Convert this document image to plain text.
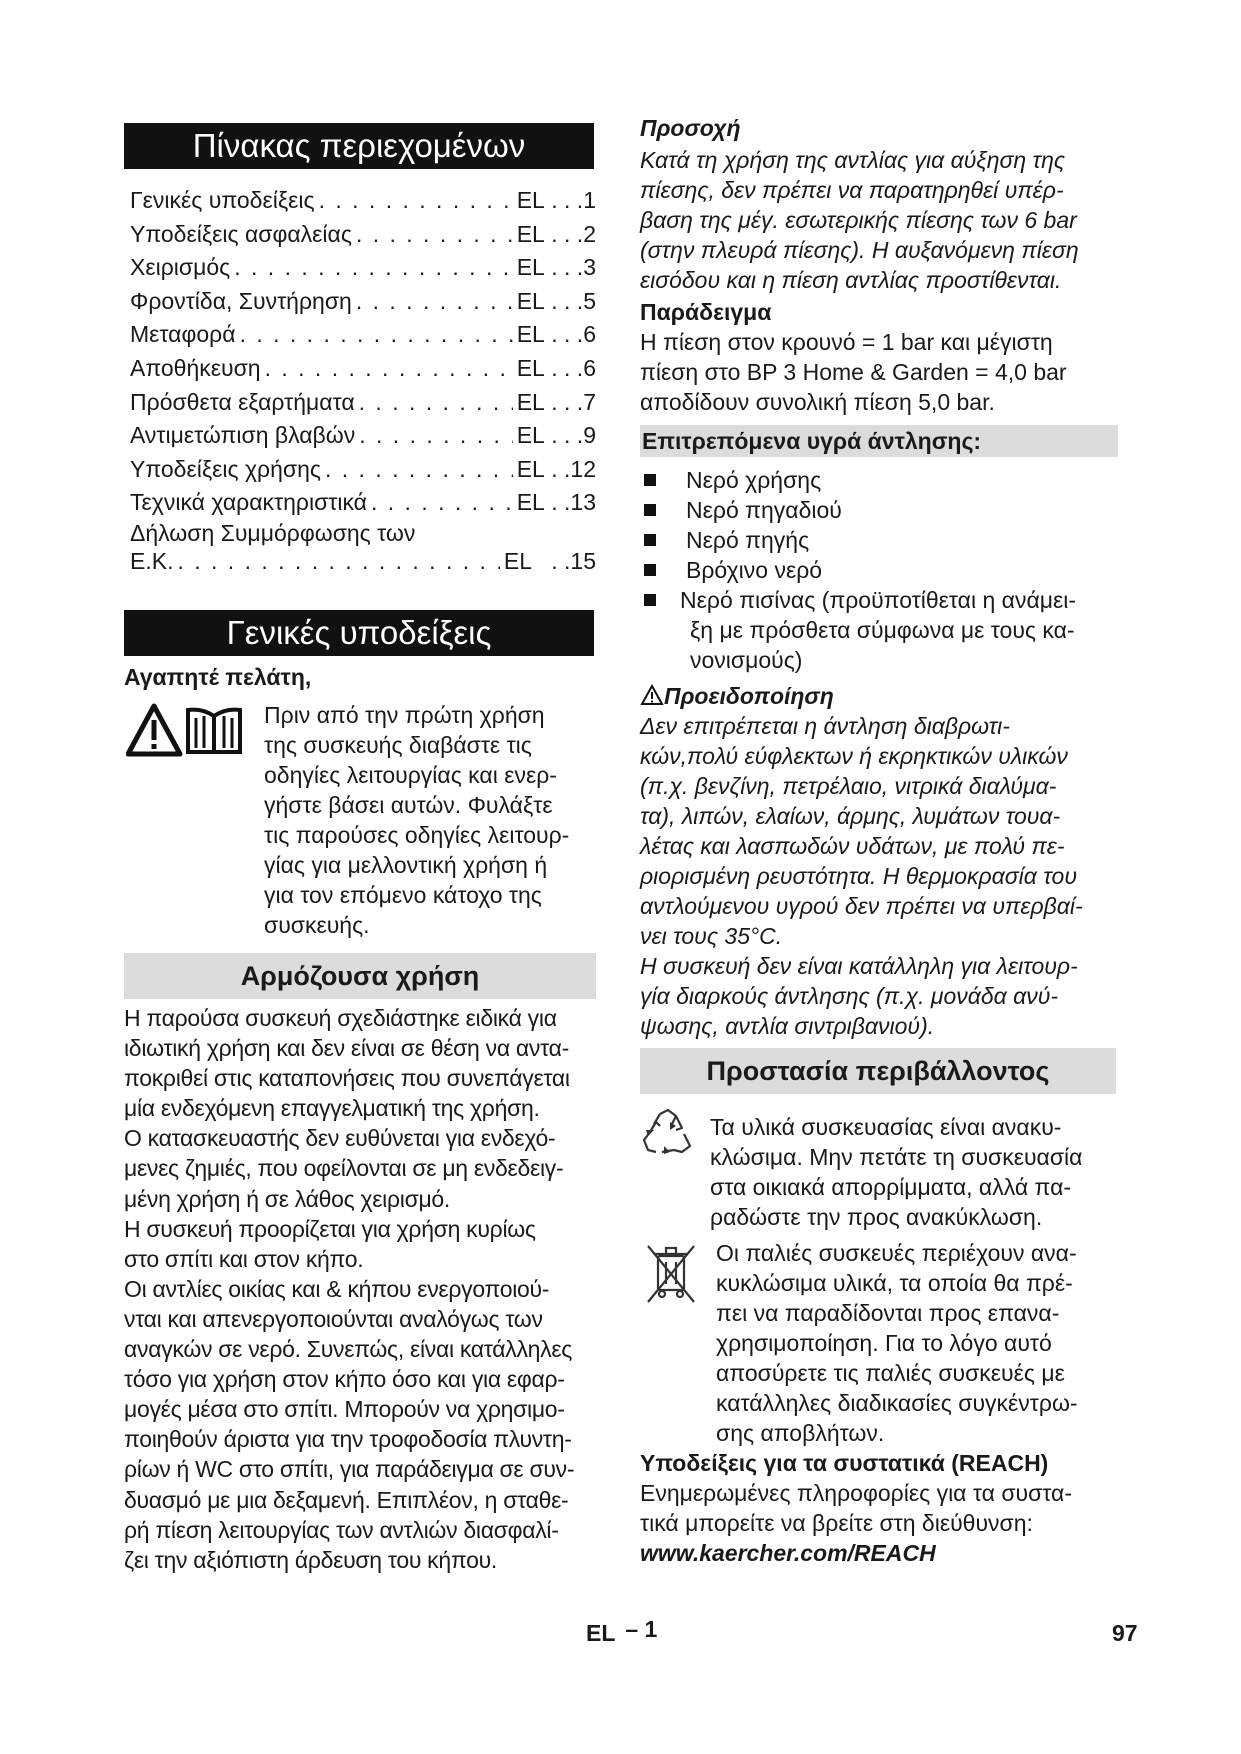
Πίνακας περιεχομένων
Γενικές υποδείξεις . . .	EL . . .1
Υποδείξεις ασφαλείας . . .	EL . . .2
Χειρισμός . . .	EL . . .3
Φροντίδα, Συντήρηση . . .	EL . . .5
Μεταφορά . . .	EL . . .6
Αποθήκευση . . .	EL . . .6
Πρόσθετα εξαρτήματα . . .	EL . . .7
Αντιμετώπιση βλαβών . . .	EL . . .9
Υποδείξεις χρήσης . . .	EL . .12
Τεχνικά χαρακτηριστικά . . .	EL . .13
Δήλωση Συμμόρφωσης των
Ε.Κ. . . .	EL . .15
Γενικές υποδείξεις
Αγαπητέ πελάτη,
Πριν από την πρώτη χρήση
της συσκευής διαβάστε τις
οδηγίες λειτουργίας και ενερ-
γήστε βάσει αυτών. Φυλάξτε
τις παρούσες οδηγίες λειτουρ-
γίας για μελλοντική χρήση ή
για τον επόμενο κάτοχο της
συσκευής.
Αρμόζουσα χρήση
Η παρούσα συσκευή σχεδιάστηκε ειδικά για
ιδιωτική χρήση και δεν είναι σε θέση να αντα-
ποκριθεί στις καταπονήσεις που συνεπάγεται
μία ενδεχόμενη επαγγελματική της χρήση.
Ο κατασκευαστής δεν ευθύνεται για ενδεχό-
μενες ζημιές, που οφείλονται σε μη ενδεδειγ-
μένη χρήση ή σε λάθος χειρισμό.
Η συσκευή προορίζεται για χρήση κυρίως
στο σπίτι και στον κήπο.
Οι αντλίες οικίας και & κήπου ενεργοποιού-
νται και απενεργοποιούνται αναλόγως των
αναγκών σε νερό. Συνεπώς, είναι κατάλληλες
τόσο για χρήση στον κήπο όσο και για εφαρ-
μογές μέσα στο σπίτι. Μπορούν να χρησιμο-
ποιηθούν άριστα για την τροφοδοσία πλυντη-
ρίων ή WC στο σπίτι, για παράδειγμα σε συν-
δυασμό με μια δεξαμενή. Επιπλέον, η σταθε-
ρή πίεση λειτουργίας των αντλιών διασφαλί-
ζει την αξιόπιστη άρδευση του κήπου.
Προσοχή
Κατά τη χρήση της αντλίας για αύξηση της
πίεσης, δεν πρέπει να παρατηρηθεί υπέρ-
βαση της μέγ. εσωτερικής πίεσης των 6 bar
(στην πλευρά πίεσης). Η αυξανόμενη πίεση
εισόδου και η πίεση αντλίας προστίθενται.
Παράδειγμα
Η πίεση στον κρουνό = 1 bar και μέγιστη
πίεση στο BP 3 Home & Garden = 4,0 bar
αποδίδουν συνολική πίεση 5,0 bar.
Επιτρεπόμενα υγρά άντλησης:
Νερό χρήσης
Νερό πηγαδιού
Νερό πηγής
Βρόχινο νερό
Νερό πισίνας (προϋποτίθεται η ανάμει-
ξη με πρόσθετα σύμφωνα με τους κα-
νονισμούς)
Προειδοποίηση
Δεν επιτρέπεται η άντληση διαβρωτι-
κών,πολύ εύφλεκτων ή εκρηκτικών υλικών
(π.χ. βενζίνη, πετρέλαιο, νιτρικά διαλύμα-
τα), λιπών, ελαίων, άρμης, λυμάτων τουα-
λέτας και λασπωδών υδάτων, με πολύ πε-
ριορισμένη ρευστότητα. Η θερμοκρασία του
αντλούμενου υγρού δεν πρέπει να υπερβαί-
νει τους 35°C.
Η συσκευή δεν είναι κατάλληλη για λειτουρ-
γία διαρκούς άντλησης (π.χ. μονάδα ανύ-
ψωσης, αντλία σιντριβανιού).
Προστασία περιβάλλοντος
Τα υλικά συσκευασίας είναι ανακυ-
κλώσιμα. Μην πετάτε τη συσκευασία
στα οικιακά απορρίμματα, αλλά πα-
ραδώστε την προς ανακύκλωση.
Οι παλιές συσκευές περιέχουν ανα-
κυκλώσιμα υλικά, τα οποία θα πρέ-
πει να παραδίδονται προς επανα-
χρησιμοποίηση. Για το λόγο αυτό
αποσύρετε τις παλιές συσκευές με
κατάλληλες διαδικασίες συγκέντρω-
σης αποβλήτων.
Υποδείξεις για τα συστατικά (REACH)
Ενημερωμένες πληροφορίες για τα συστα-
τικά μπορείτε να βρείτε στη διεύθυνση:
www.kaercher.com/REACH
EL – 1	97
